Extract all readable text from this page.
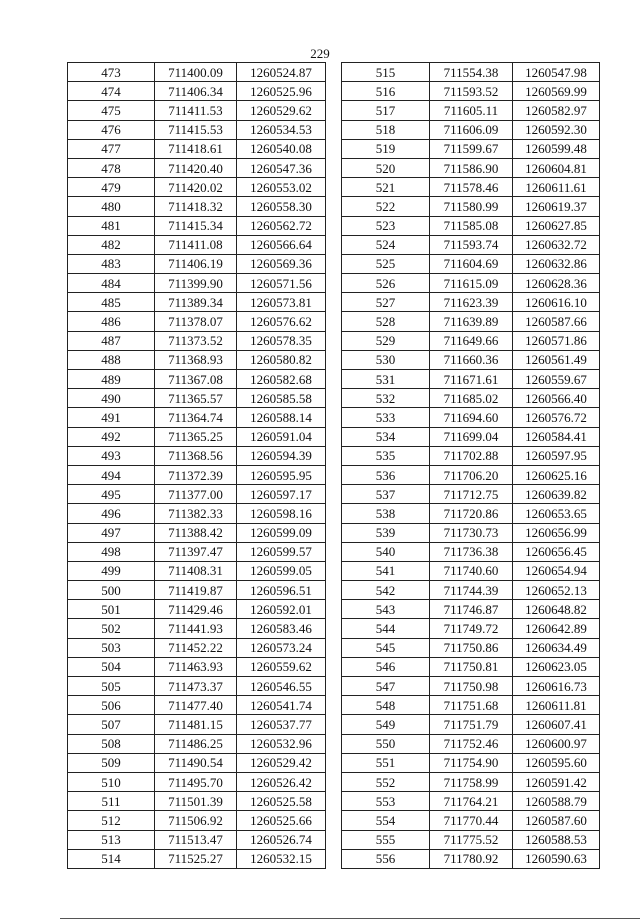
229
473	711400.09	1260524.87
474	711406.34	1260525.96
475	711411.53	1260529.62
476	711415.53	1260534.53
477	711418.61	1260540.08
478	711420.40	1260547.36
479	711420.02	1260553.02
480	711418.32	1260558.30
481	711415.34	1260562.72
482	711411.08	1260566.64
483	711406.19	1260569.36
484	711399.90	1260571.56
485	711389.34	1260573.81
486	711378.07	1260576.62
487	711373.52	1260578.35
488	711368.93	1260580.82
489	711367.08	1260582.68
490	711365.57	1260585.58
491	711364.74	1260588.14
492	711365.25	1260591.04
493	711368.56	1260594.39
494	711372.39	1260595.95
495	711377.00	1260597.17
496	711382.33	1260598.16
497	711388.42	1260599.09
498	711397.47	1260599.57
499	711408.31	1260599.05
500	711419.87	1260596.51
501	711429.46	1260592.01
502	711441.93	1260583.46
503	711452.22	1260573.24
504	711463.93	1260559.62
505	711473.37	1260546.55
506	711477.40	1260541.74
507	711481.15	1260537.77
508	711486.25	1260532.96
509	711490.54	1260529.42
510	711495.70	1260526.42
511	711501.39	1260525.58
512	711506.92	1260525.66
513	711513.47	1260526.74
514	711525.27	1260532.15
515	711554.38	1260547.98
516	711593.52	1260569.99
517	711605.11	1260582.97
518	711606.09	1260592.30
519	711599.67	1260599.48
520	711586.90	1260604.81
521	711578.46	1260611.61
522	711580.99	1260619.37
523	711585.08	1260627.85
524	711593.74	1260632.72
525	711604.69	1260632.86
526	711615.09	1260628.36
527	711623.39	1260616.10
528	711639.89	1260587.66
529	711649.66	1260571.86
530	711660.36	1260561.49
531	711671.61	1260559.67
532	711685.02	1260566.40
533	711694.60	1260576.72
534	711699.04	1260584.41
535	711702.88	1260597.95
536	711706.20	1260625.16
537	711712.75	1260639.82
538	711720.86	1260653.65
539	711730.73	1260656.99
540	711736.38	1260656.45
541	711740.60	1260654.94
542	711744.39	1260652.13
543	711746.87	1260648.82
544	711749.72	1260642.89
545	711750.86	1260634.49
546	711750.81	1260623.05
547	711750.98	1260616.73
548	711751.68	1260611.81
549	711751.79	1260607.41
550	711752.46	1260600.97
551	711754.90	1260595.60
552	711758.99	1260591.42
553	711764.21	1260588.79
554	711770.44	1260587.60
555	711775.52	1260588.53
556	711780.92	1260590.63
